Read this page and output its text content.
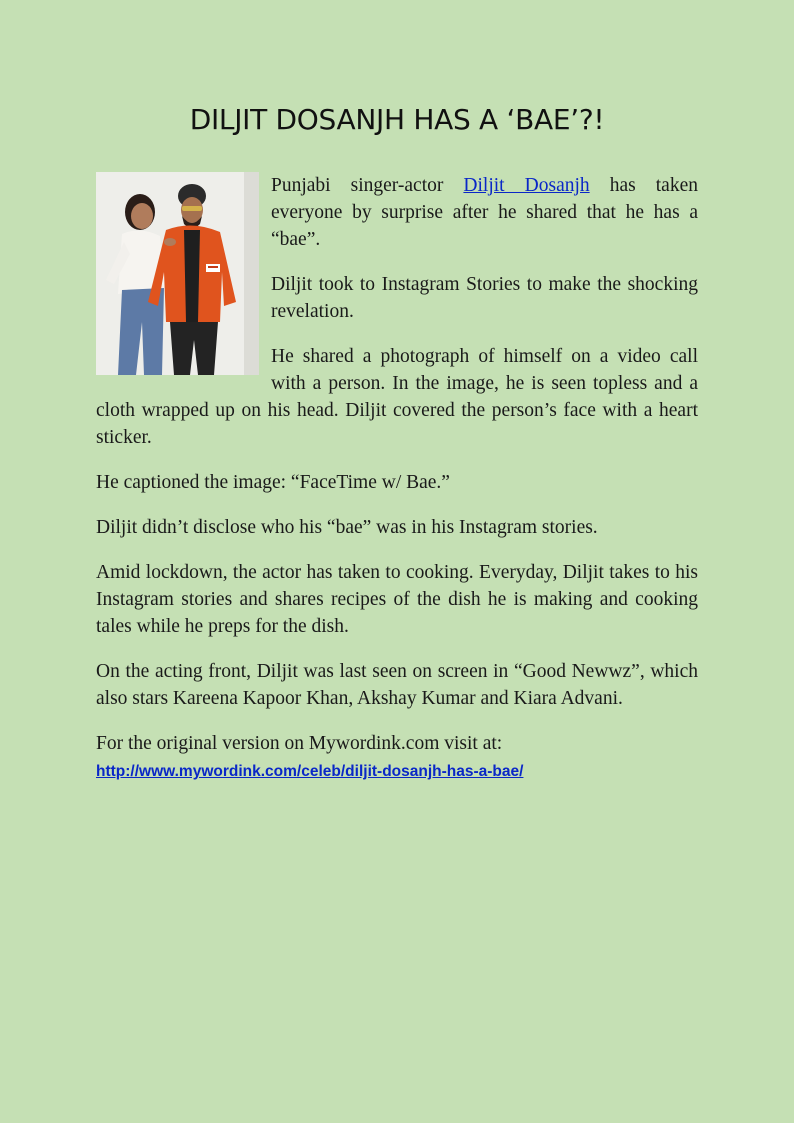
DILJIT DOSANJH HAS A ‘BAE’?!

Punjabi singer-actor Diljit Dosanjh has taken everyone by surprise after he shared that he has a “bae”.

Diljit took to Instagram Stories to make the shocking revelation.

He shared a photograph of himself on a video call with a person. In the image, he is seen topless and a cloth wrapped up on his head. Diljit covered the person’s face with a heart sticker.

He captioned the image: “FaceTime w/ Bae.”

Diljit didn’t disclose who his “bae” was in his Instagram stories.

Amid lockdown, the actor has taken to cooking. Everyday, Diljit takes to his Instagram stories and shares recipes of the dish he is making and cooking tales while he preps for the dish.

On the acting front, Diljit was last seen on screen in “Good Newwz”, which also stars Kareena Kapoor Khan, Akshay Kumar and Kiara Advani.

For the original version on Mywordink.com visit at:
http://www.mywordink.com/celeb/diljit-dosanjh-has-a-bae/
